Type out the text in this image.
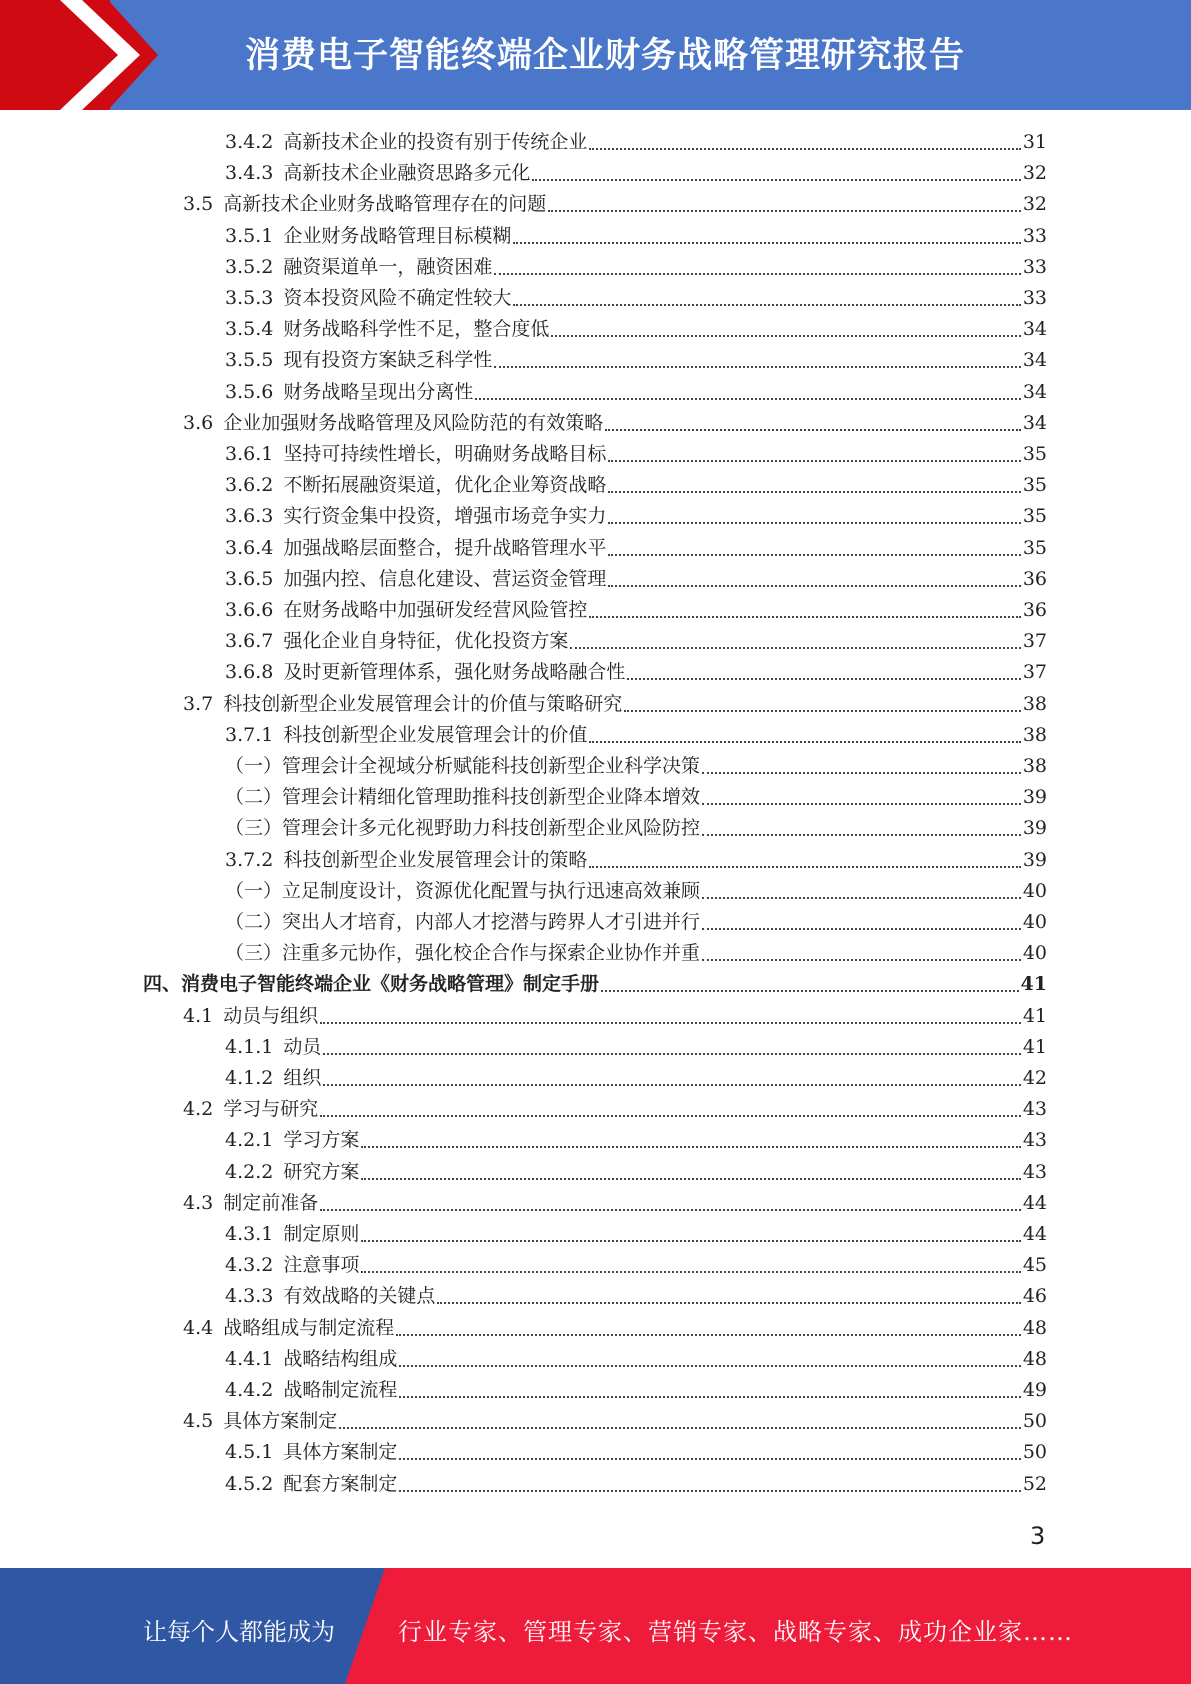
消费电子智能终端企业财务战略管理研究报告
3.4.2 高新技术企业的投资有别于传统企业	31
3.4.3 高新技术企业融资思路多元化	32
3.5 高新技术企业财务战略管理存在的问题	32
3.5.1 企业财务战略管理目标模糊	33
3.5.2 融资渠道单一，融资困难	33
3.5.3 资本投资风险不确定性较大	33
3.5.4 财务战略科学性不足，整合度低	34
3.5.5 现有投资方案缺乏科学性	34
3.5.6 财务战略呈现出分离性	34
3.6 企业加强财务战略管理及风险防范的有效策略	34
3.6.1 坚持可持续性增长，明确财务战略目标	35
3.6.2 不断拓展融资渠道，优化企业筹资战略	35
3.6.3 实行资金集中投资，增强市场竞争实力	35
3.6.4 加强战略层面整合，提升战略管理水平	35
3.6.5 加强内控、信息化建设、营运资金管理	36
3.6.6 在财务战略中加强研发经营风险管控	36
3.6.7 强化企业自身特征，优化投资方案	37
3.6.8 及时更新管理体系，强化财务战略融合性	37
3.7 科技创新型企业发展管理会计的价值与策略研究	38
3.7.1 科技创新型企业发展管理会计的价值	38
（一）管理会计全视域分析赋能科技创新型企业科学决策	38
（二）管理会计精细化管理助推科技创新型企业降本增效	39
（三）管理会计多元化视野助力科技创新型企业风险防控	39
3.7.2 科技创新型企业发展管理会计的策略	39
（一）立足制度设计，资源优化配置与执行迅速高效兼顾	40
（二）突出人才培育，内部人才挖潜与跨界人才引进并行	40
（三）注重多元协作，强化校企合作与探索企业协作并重	40
四、消费电子智能终端企业《财务战略管理》制定手册	41
4.1 动员与组织	41
4.1.1 动员	41
4.1.2 组织	42
4.2 学习与研究	43
4.2.1 学习方案	43
4.2.2 研究方案	43
4.3 制定前准备	44
4.3.1 制定原则	44
4.3.2 注意事项	45
4.3.3 有效战略的关键点	46
4.4 战略组成与制定流程	48
4.4.1 战略结构组成	48
4.4.2 战略制定流程	49
4.5 具体方案制定	50
4.5.1 具体方案制定	50
4.5.2 配套方案制定	52
3
让每个人都能成为	行业专家、管理专家、营销专家、战略专家、成功企业家……
